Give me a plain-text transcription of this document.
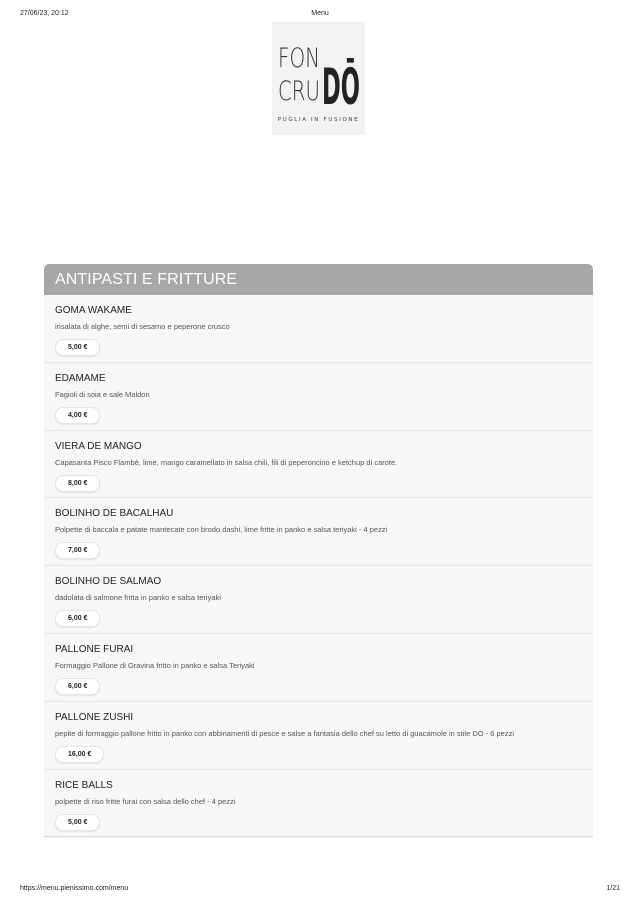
27/06/23, 20:12	Menu
FON
CRU DŌ
PUGLIA IN FUSIONE
ANTIPASTI E FRITTURE
GOMA WAKAME
insalata di alghe, semi di sesamo e peperone crusco
5,00 €
EDAMAME
Fagioli di soia e sale Maldon
4,00 €
VIERA DE MANGO
Capasanta Pisco Flambè, lime, mango caramellato in salsa chili, fili di peperoncino e ketchup di carote.
8,00 €
BOLINHO DE BACALHAU
Polpette di baccala e patate mantecate con brodo dashi, lime fritte in panko e salsa teriyaki - 4 pezzi
7,00 €
BOLINHO DE SALMAO
dadolata di salmone fritta in panko e salsa teriyaki
6,00 €
PALLONE FURAI
Formaggio Pallone di Gravina fritto in panko e salsa Teriyaki
6,00 €
PALLONE ZUSHI
pepite di formaggio pallone fritto in panko con abbinamenti di pesce e salse a fantasia dello chef su letto di guacamole in stile DO - 6 pezzi
16,00 €
RICE BALLS
polpette di riso fritte furai con salsa dello chef - 4 pezzi
5,00 €
https://menu.pienissimo.com/menu	1/21
